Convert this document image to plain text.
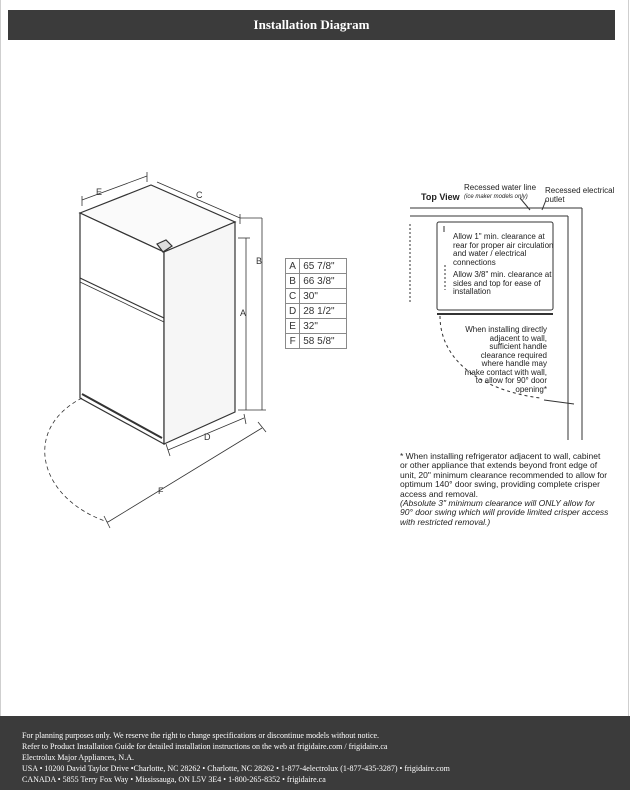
Installation Diagram
E	C
B
A
D
F
A	65 7/8"
B	66 3/8"
C	30"
D	28 1/2"
E	32"
F	58 5/8"
Top View
Recessed water line
(ice maker models only)
Recessed electrical outlet
Allow 1" min. clearance at rear for proper air circulation and water / electrical connections
Allow 3/8" min. clearance at sides and top for ease of installation
When installing directly adjacent to wall, sufficient handle clearance required where handle may make contact with wall, to allow for 90° door opening*
* When installing refrigerator adjacent to wall, cabinet or other appliance that extends beyond front edge of unit, 20" minimum clearance recommended to allow for optimum 140° door swing, providing complete crisper access and removal.
(Absolute 3" minimum clearance will ONLY allow for 90° door swing which will provide limited crisper access with restricted removal.)
For planning purposes only. We reserve the right to change specifications or discontinue models without notice.
Refer to Product Installation Guide for detailed installation instructions on the web at frigidaire.com / frigidaire.ca
Electrolux Major Appliances, N.A.
USA • 10200 David Taylor Drive •Charlotte, NC 28262 • Charlotte, NC 28262 • 1-877-4electrolux (1-877-435-3287) • frigidaire.com
CANADA • 5855 Terry Fox Way • Mississauga, ON L5V 3E4 • 1-800-265-8352 • frigidaire.ca
